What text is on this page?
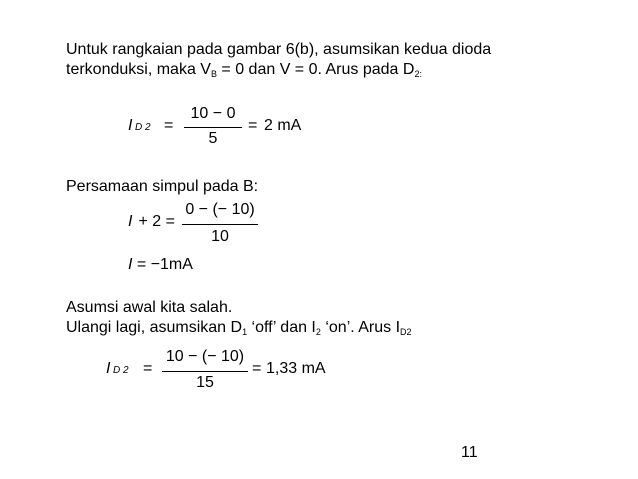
Untuk rangkaian pada gambar 6(b), asumsikan kedua dioda
terkonduksi, maka $V_B = 0$ dan V = 0. Arus pada $D_{2:}$
I D 2 =
10 − 0
5
= 2 mA
Persamaan simpul pada B:
I + 2 =
0 − (− 10)
10
I = −1mA
Asumsi awal kita salah.
Ulangi lagi, asumsikan $D_1$ ‘off’ dan $I_2$ ‘on’. Arus $I_{D2}$
I D 2 =
10 − (− 10)
15
= 1,33 mA
11
